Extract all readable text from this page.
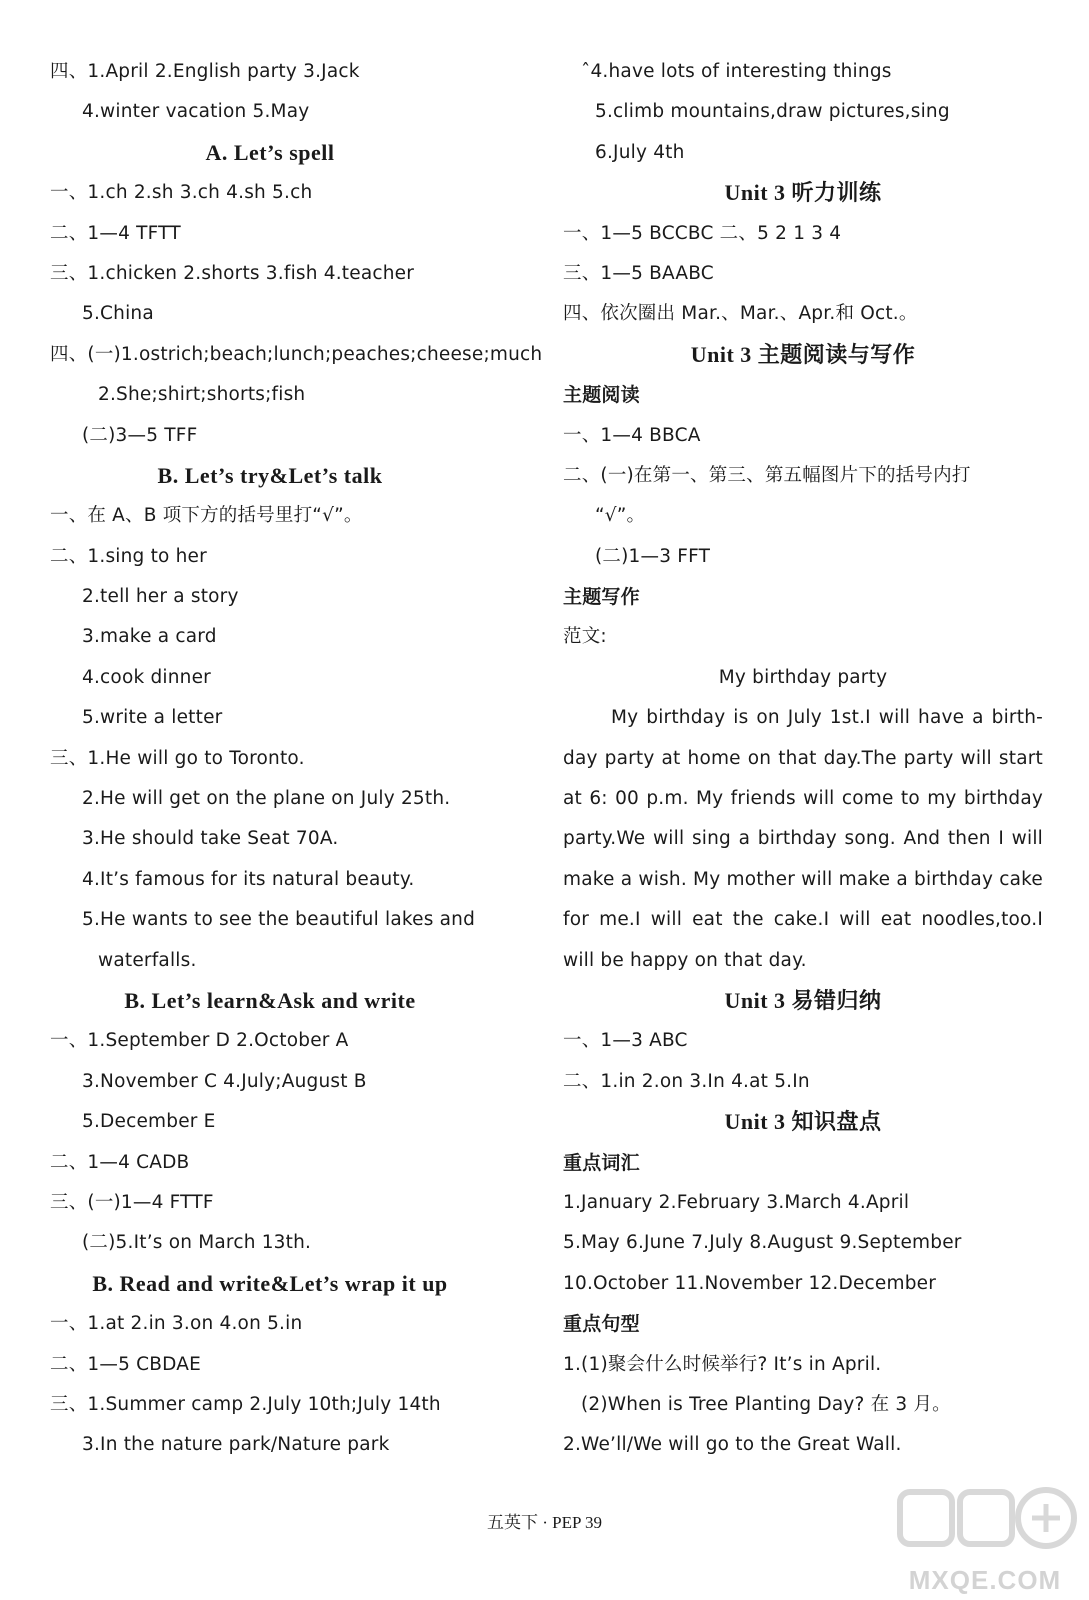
四、1.April 2.English party 3.Jack
4.winter vacation 5.May
A. Let’s spell
一、1.ch 2.sh 3.ch 4.sh 5.ch
二、1—4 TFTT
三、1.chicken 2.shorts 3.fish 4.teacher
5.China
四、(一)1.ostrich;beach;lunch;peaches;cheese;much
2.She;shirt;shorts;fish
(二)3—5 TFF
B. Let’s try&Let’s talk
一、在 A、B 项下方的括号里打“√”。
二、1.sing to her
2.tell her a story
3.make a card
4.cook dinner
5.write a letter
三、1.He will go to Toronto.
2.He will get on the plane on July 25th.
3.He should take Seat 70A.
4.It’s famous for its natural beauty.
5.He wants to see the beautiful lakes and
waterfalls.
B. Let’s learn&Ask and write
一、1.September D 2.October A
3.November C 4.July;August B
5.December E
二、1—4 CADB
三、(一)1—4 FTTF
(二)5.It’s on March 13th.
B. Read and write&Let’s wrap it up
一、1.at 2.in 3.on 4.on 5.in
二、1—5 CBDAE
三、1.Summer camp 2.July 10th;July 14th
3.In the nature park/Nature park
ˆ4.have lots of interesting things
5.climb mountains,draw pictures,sing
6.July 4th
Unit 3 听力训练
一、1—5 BCCBC 二、5 2 1 3 4
三、1—5 BAABC
四、依次圈出 Mar.、Mar.、Apr.和 Oct.。
Unit 3 主题阅读与写作
主题阅读
一、1—4 BBCA
二、(一)在第一、第三、第五幅图片下的括号内打
“√”。
(二)1—3 FFT
主题写作
范文:
My birthday party
My birthday is on July 1st.I will have a birth-
day party at home on that day.The party will start
at 6: 00 p.m. My friends will come to my birthday
party.We will sing a birthday song. And then I will
make a wish. My mother will make a birthday cake
for me.I will eat the cake.I will eat noodles,too.I
will be happy on that day.
Unit 3 易错归纳
一、1—3 ABC
二、1.in 2.on 3.In 4.at 5.In
Unit 3 知识盘点
重点词汇
1.January 2.February 3.March 4.April
5.May 6.June 7.July 8.August 9.September
10.October 11.November 12.December
重点句型
1.(1)聚会什么时候举行? It’s in April.
(2)When is Tree Planting Day? 在 3 月。
2.We’ll/We will go to the Great Wall.
五英下 · PEP 39
MXQE.COM
